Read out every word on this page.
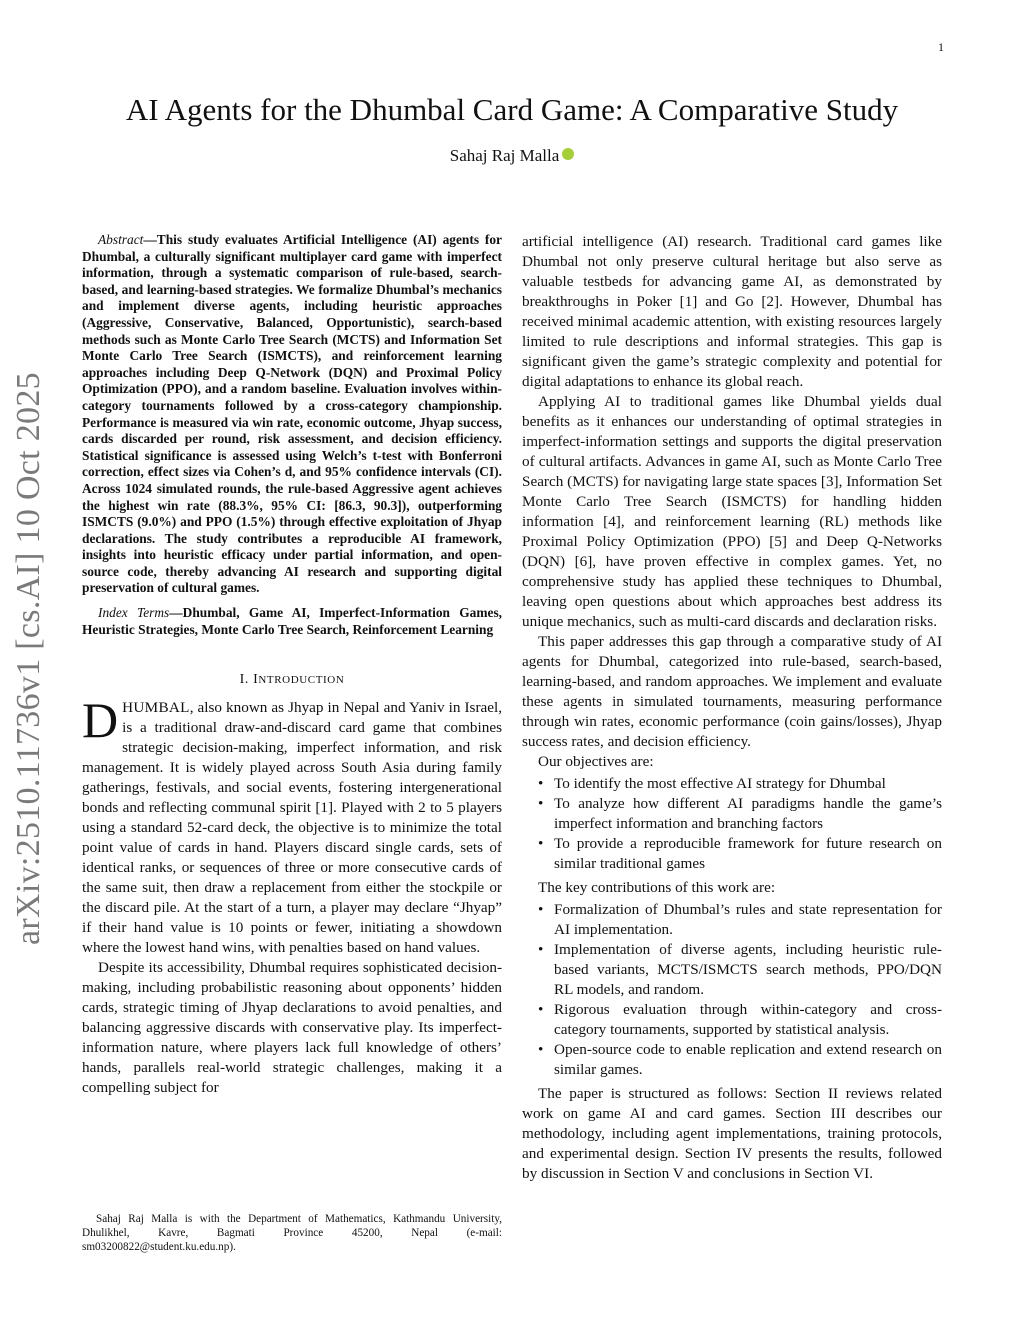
1
arXiv:2510.11736v1 [cs.AI] 10 Oct 2025
AI Agents for the Dhumbal Card Game: A Comparative Study
Sahaj Raj Malla

Abstract—This study evaluates Artificial Intelligence (AI) agents for Dhumbal, a culturally significant multiplayer card game with imperfect information, through a systematic comparison of rule-based, search-based, and learning-based strategies. We formalize Dhumbal’s mechanics and implement diverse agents, including heuristic approaches (Aggressive, Conservative, Balanced, Opportunistic), search-based methods such as Monte Carlo Tree Search (MCTS) and Information Set Monte Carlo Tree Search (ISMCTS), and reinforcement learning approaches including Deep Q-Network (DQN) and Proximal Policy Optimization (PPO), and a random baseline. Evaluation involves within-category tournaments followed by a cross-category championship. Performance is measured via win rate, economic outcome, Jhyap success, cards discarded per round, risk assessment, and decision efficiency. Statistical significance is assessed using Welch’s t-test with Bonferroni correction, effect sizes via Cohen’s d, and 95% confidence intervals (CI). Across 1024 simulated rounds, the rule-based Aggressive agent achieves the highest win rate (88.3%, 95% CI: [86.3, 90.3]), outperforming ISMCTS (9.0%) and PPO (1.5%) through effective exploitation of Jhyap declarations. The study contributes a reproducible AI framework, insights into heuristic efficacy under partial information, and open-source code, thereby advancing AI research and supporting digital preservation of cultural games.

Index Terms—Dhumbal, Game AI, Imperfect-Information Games, Heuristic Strategies, Monte Carlo Tree Search, Reinforcement Learning

I. INTRODUCTION

DHUMBAL, also known as Jhyap in Nepal and Yaniv in Israel, is a traditional draw-and-discard card game that combines strategic decision-making, imperfect information, and risk management. It is widely played across South Asia during family gatherings, festivals, and social events, fostering intergenerational bonds and reflecting communal spirit [1]. Played with 2 to 5 players using a standard 52-card deck, the objective is to minimize the total point value of cards in hand. Players discard single cards, sets of identical ranks, or sequences of three or more consecutive cards of the same suit, then draw a replacement from either the stockpile or the discard pile. At the start of a turn, a player may declare “Jhyap” if their hand value is 10 points or fewer, initiating a showdown where the lowest hand wins, with penalties based on hand values.

Despite its accessibility, Dhumbal requires sophisticated decision-making, including probabilistic reasoning about opponents’ hidden cards, strategic timing of Jhyap declarations to avoid penalties, and balancing aggressive discards with conservative play. Its imperfect-information nature, where players lack full knowledge of others’ hands, parallels real-world strategic challenges, making it a compelling subject for

Sahaj Raj Malla is with the Department of Mathematics, Kathmandu University, Dhulikhel, Kavre, Bagmati Province 45200, Nepal (e-mail: sm03200822@student.ku.edu.np).

artificial intelligence (AI) research. Traditional card games like Dhumbal not only preserve cultural heritage but also serve as valuable testbeds for advancing game AI, as demonstrated by breakthroughs in Poker [1] and Go [2]. However, Dhumbal has received minimal academic attention, with existing resources largely limited to rule descriptions and informal strategies. This gap is significant given the game’s strategic complexity and potential for digital adaptations to enhance its global reach.

Applying AI to traditional games like Dhumbal yields dual benefits as it enhances our understanding of optimal strategies in imperfect-information settings and supports the digital preservation of cultural artifacts. Advances in game AI, such as Monte Carlo Tree Search (MCTS) for navigating large state spaces [3], Information Set Monte Carlo Tree Search (ISMCTS) for handling hidden information [4], and reinforcement learning (RL) methods like Proximal Policy Optimization (PPO) [5] and Deep Q-Networks (DQN) [6], have proven effective in complex games. Yet, no comprehensive study has applied these techniques to Dhumbal, leaving open questions about which approaches best address its unique mechanics, such as multi-card discards and declaration risks.

This paper addresses this gap through a comparative study of AI agents for Dhumbal, categorized into rule-based, search-based, learning-based, and random approaches. We implement and evaluate these agents in simulated tournaments, measuring performance through win rates, economic performance (coin gains/losses), Jhyap success rates, and decision efficiency.

Our objectives are:

• To identify the most effective AI strategy for Dhumbal
• To analyze how different AI paradigms handle the game’s imperfect information and branching factors
• To provide a reproducible framework for future research on similar traditional games

The key contributions of this work are:

• Formalization of Dhumbal’s rules and state representation for AI implementation.
• Implementation of diverse agents, including heuristic rule-based variants, MCTS/ISMCTS search methods, PPO/DQN RL models, and random.
• Rigorous evaluation through within-category and cross-category tournaments, supported by statistical analysis.
• Open-source code to enable replication and extend research on similar games.

The paper is structured as follows: Section II reviews related work on game AI and card games. Section III describes our methodology, including agent implementations, training protocols, and experimental design. Section IV presents the results, followed by discussion in Section V and conclusions in Section VI.
